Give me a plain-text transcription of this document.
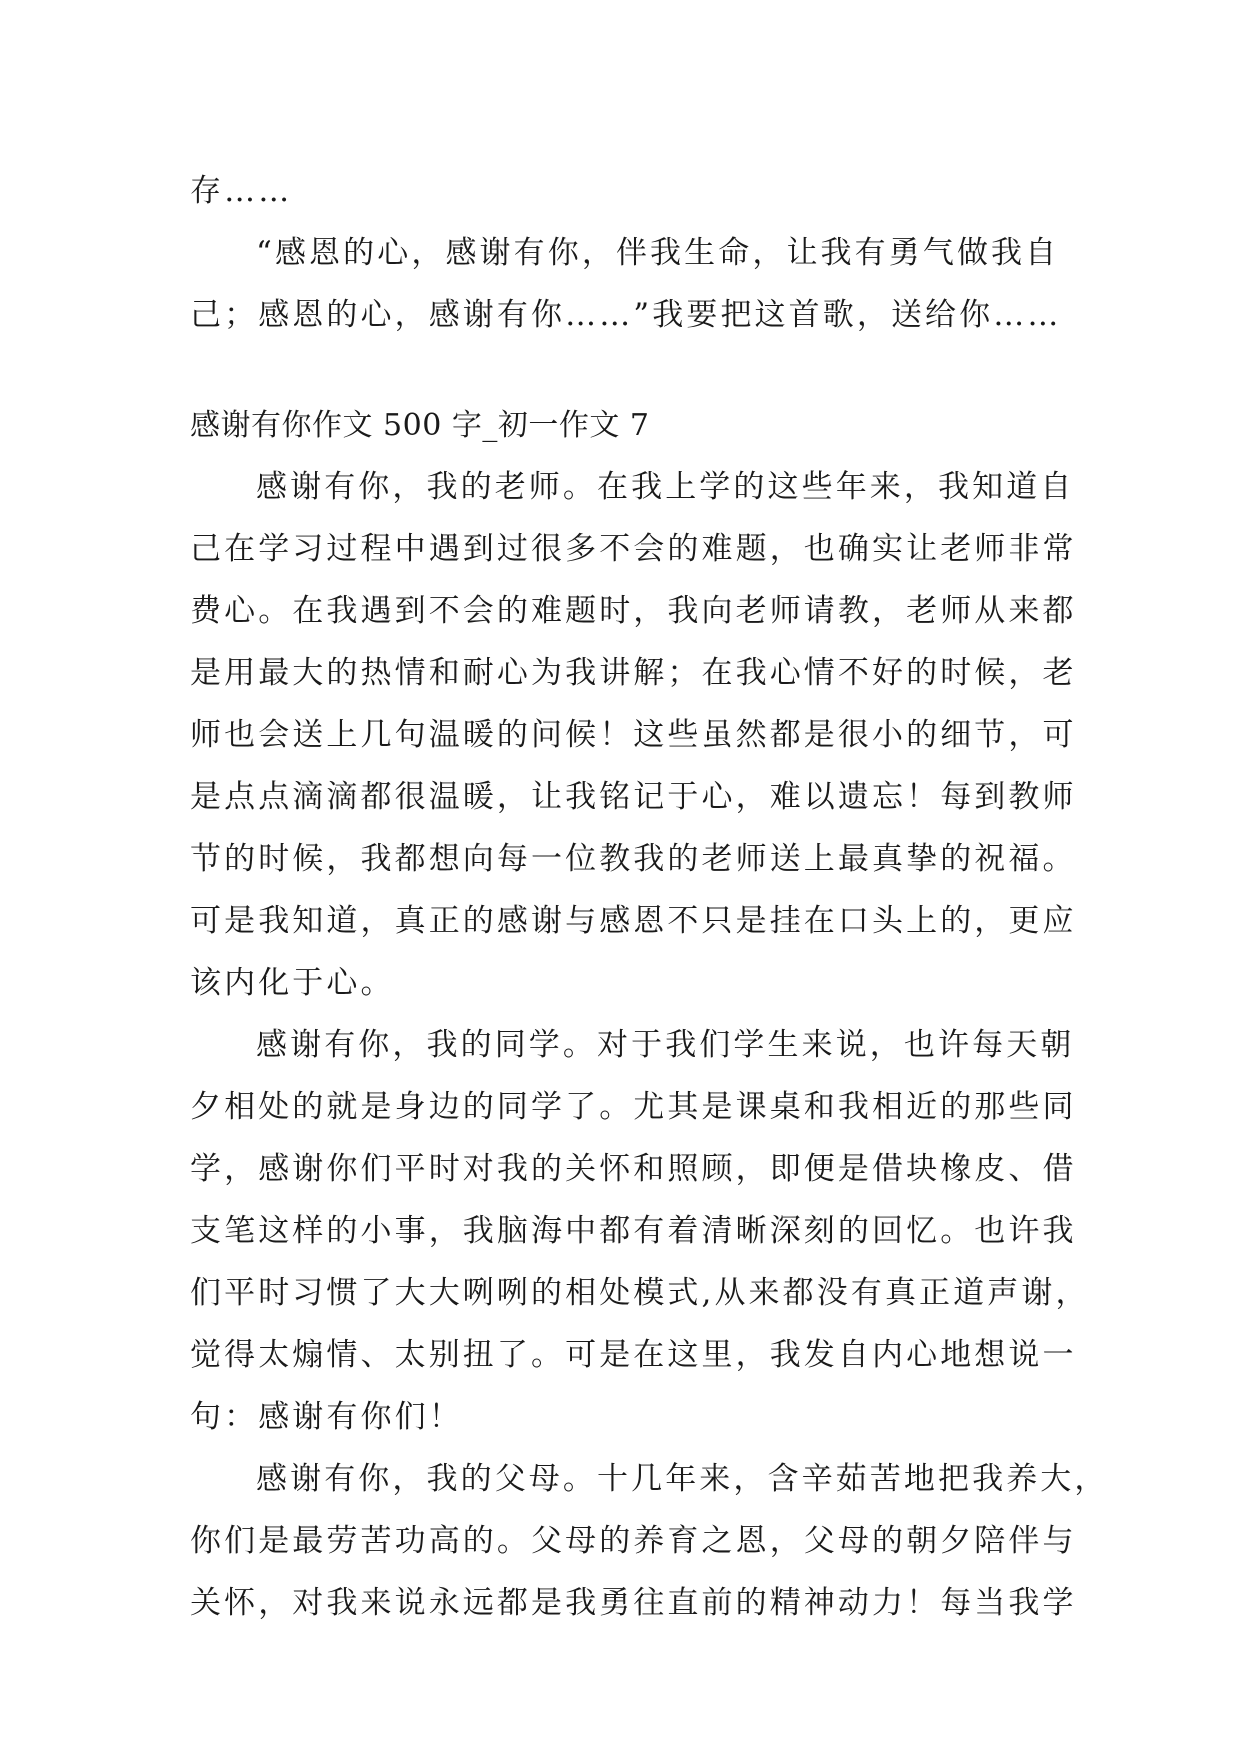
存……
“感恩的心，感谢有你，伴我生命，让我有勇气做我自
己；感恩的心，感谢有你……”我要把这首歌，送给你……
感谢有你作文 500 字_初一作文 7
感谢有你，我的老师。在我上学的这些年来，我知道自
己在学习过程中遇到过很多不会的难题，也确实让老师非常
费心。在我遇到不会的难题时，我向老师请教，老师从来都
是用最大的热情和耐心为我讲解；在我心情不好的时候，老
师也会送上几句温暖的问候！这些虽然都是很小的细节，可
是点点滴滴都很温暖，让我铭记于心，难以遗忘！每到教师
节的时候，我都想向每一位教我的老师送上最真挚的祝福。
可是我知道，真正的感谢与感恩不只是挂在口头上的，更应
该内化于心。
感谢有你，我的同学。对于我们学生来说，也许每天朝
夕相处的就是身边的同学了。尤其是课桌和我相近的那些同
学，感谢你们平时对我的关怀和照顾，即便是借块橡皮、借
支笔这样的小事，我脑海中都有着清晰深刻的回忆。也许我
们平时习惯了大大咧咧的相处模式,从来都没有真正道声谢，
觉得太煽情、太别扭了。可是在这里，我发自内心地想说一
句：感谢有你们！
感谢有你，我的父母。十几年来，含辛茹苦地把我养大，
你们是最劳苦功高的。父母的养育之恩，父母的朝夕陪伴与
关怀，对我来说永远都是我勇往直前的精神动力！每当我学
